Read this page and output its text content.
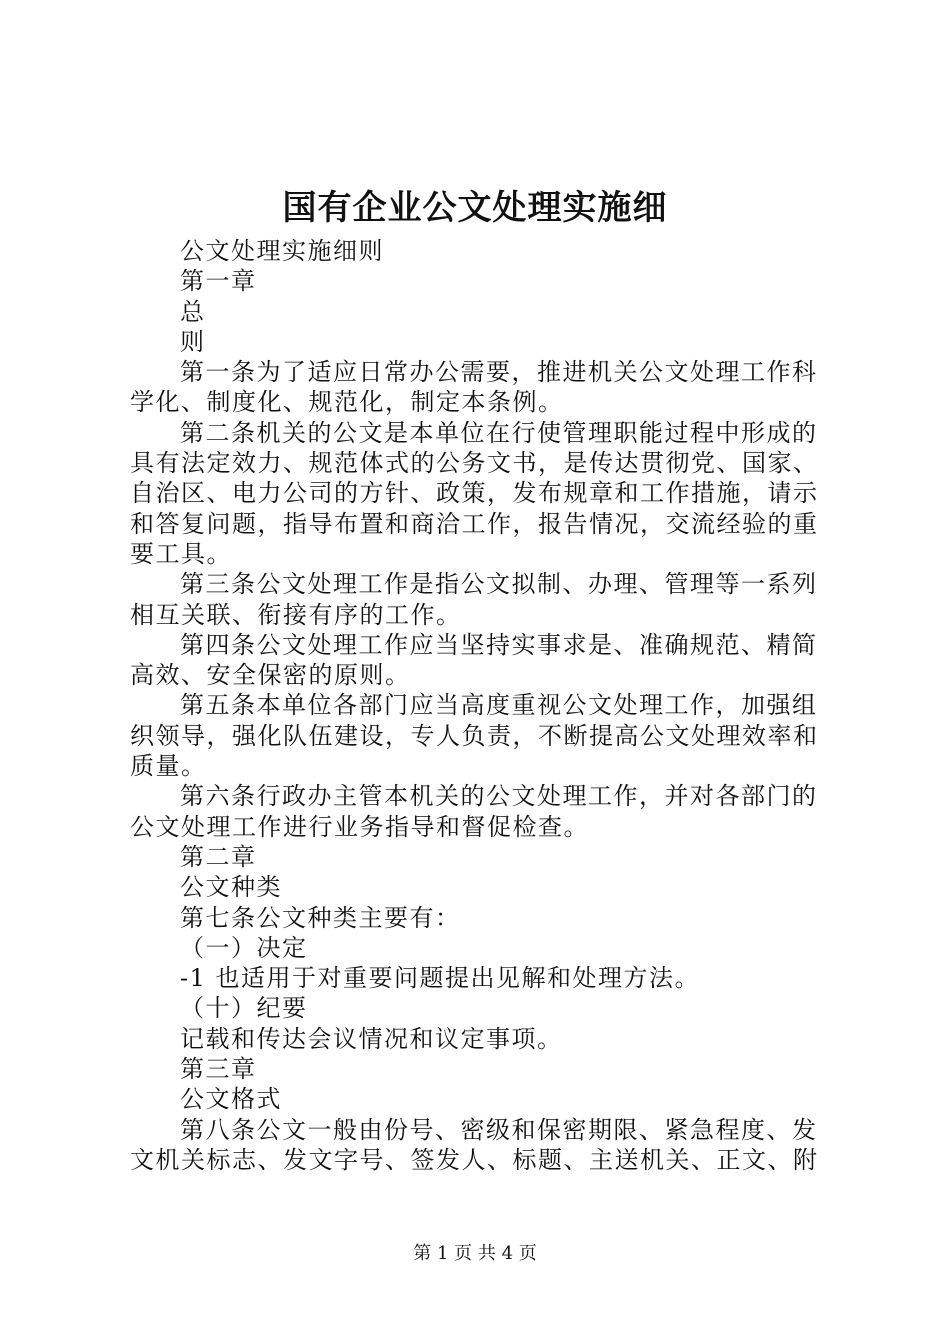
国有企业公文处理实施细
公文处理实施细则
第一章
总
则
第一条为了适应日常办公需要，推进机关公文处理工作科
学化、制度化、规范化，制定本条例。
第二条机关的公文是本单位在行使管理职能过程中形成的
具有法定效力、规范体式的公务文书，是传达贯彻党、国家、
自治区、电力公司的方针、政策，发布规章和工作措施，请示
和答复问题，指导布置和商洽工作，报告情况，交流经验的重
要工具。
第三条公文处理工作是指公文拟制、办理、管理等一系列
相互关联、衔接有序的工作。
第四条公文处理工作应当坚持实事求是、准确规范、精简
高效、安全保密的原则。
第五条本单位各部门应当高度重视公文处理工作，加强组
织领导，强化队伍建设，专人负责，不断提高公文处理效率和
质量。
第六条行政办主管本机关的公文处理工作，并对各部门的
公文处理工作进行业务指导和督促检查。
第二章
公文种类
第七条公文种类主要有：
（一）决定
-1 也适用于对重要问题提出见解和处理方法。
（十）纪要
记载和传达会议情况和议定事项。
第三章
公文格式
第八条公文一般由份号、密级和保密期限、紧急程度、发
文机关标志、发文字号、签发人、标题、主送机关、正文、附
第 1 页 共 4 页
